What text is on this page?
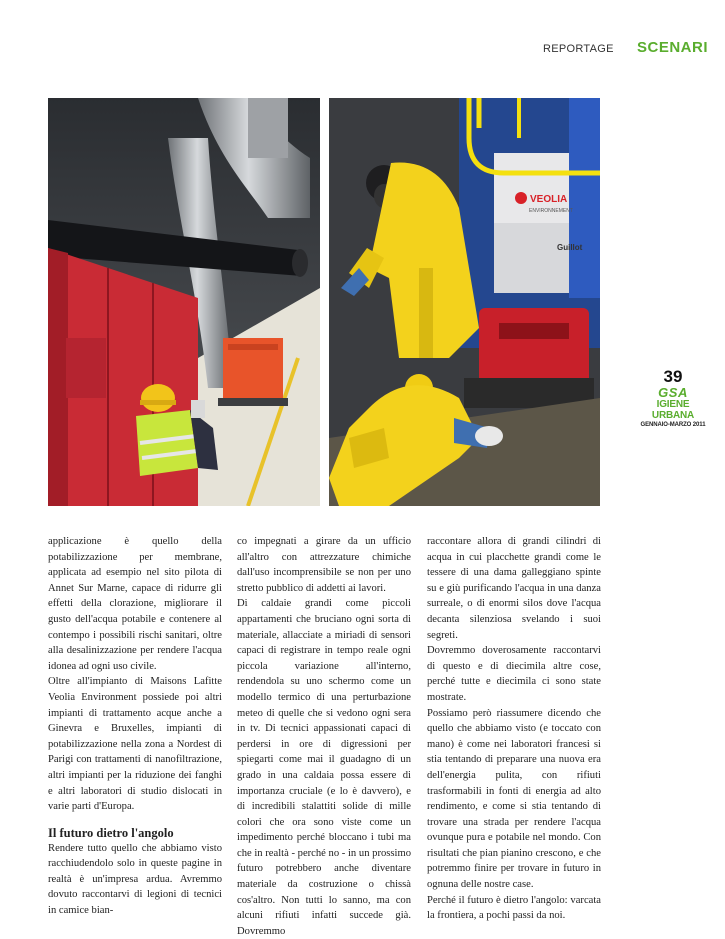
REPORTAGE SCENARI
VEOLIA
ENVIRONNEMENT
Guillot
39
GSA
IGIENE URBANA
GENNAIO-MARZO 2011

applicazione è quello della potabilizzazione per membrane, applicata ad esempio nel sito pilota di Annet Sur Marne, capace di ridurre gli effetti della clorazione, migliorare il gusto dell'acqua potabile e contenere al contempo i possibili rischi sanitari, oltre alla desalinizzazione per rendere l'acqua idonea ad ogni uso civile.

Oltre all'impianto di Maisons Lafitte Veolia Environment possiede poi altri impianti di trattamento acque anche a Ginevra e Bruxelles, impianti di potabilizzazione nella zona a Nordest di Parigi con trattamenti di nanofiltrazione, altri impianti per la riduzione dei fanghi e altri laboratori di studio dislocati in varie parti d'Europa.

Il futuro dietro l'angolo

Rendere tutto quello che abbiamo visto racchiudendolo solo in queste pagine in realtà è un'impresa ardua. Avremmo dovuto raccontarvi di legioni di tecnici in camice bian-

co impegnati a girare da un ufficio all'altro con attrezzature chimiche dall'uso incomprensibile se non per uno stretto pubblico di addetti ai lavori.

Di caldaie grandi come piccoli appartamenti che bruciano ogni sorta di materiale, allacciate a miriadi di sensori capaci di registrare in tempo reale ogni piccola variazione all'interno, rendendola su uno schermo come un modello termico di una perturbazione meteo di quelle che si vedono ogni sera in tv. Di tecnici appassionati capaci di perdersi in ore di digressioni per spiegarti come mai il guadagno di un grado in una caldaia possa essere di importanza cruciale (e lo è davvero), e di incredibili stalattiti solide di mille colori che ora sono viste come un impedimento perché bloccano i tubi ma che in realtà - perché no - in un prossimo futuro potrebbero anche diventare materiale da costruzione o chissà cos'altro. Non tutti lo sanno, ma con alcuni rifiuti infatti succede già. Dovremmo

raccontare allora di grandi cilindri di acqua in cui placchette grandi come le tessere di una dama galleggiano spinte su e giù purificando l'acqua in una danza surreale, o di enormi silos dove l'acqua decanta silenziosa svelando i suoi segreti.

Dovremmo doverosamente raccontarvi di questo e di diecimila altre cose, perché tutte e diecimila ci sono state mostrate.

Possiamo però riassumere dicendo che quello che abbiamo visto (e toccato con mano) è come nei laboratori francesi si stia tentando di preparare una nuova era dell'energia pulita, con rifiuti trasformabili in fonti di energia ad alto rendimento, e come si stia tentando di trovare una strada per rendere l'acqua ovunque pura e potabile nel mondo. Con risultati che pian pianino crescono, e che potremmo finire per trovare in futuro in ognuna delle nostre case.

Perché il futuro è dietro l'angolo: varcata la frontiera, a pochi passi da noi.
